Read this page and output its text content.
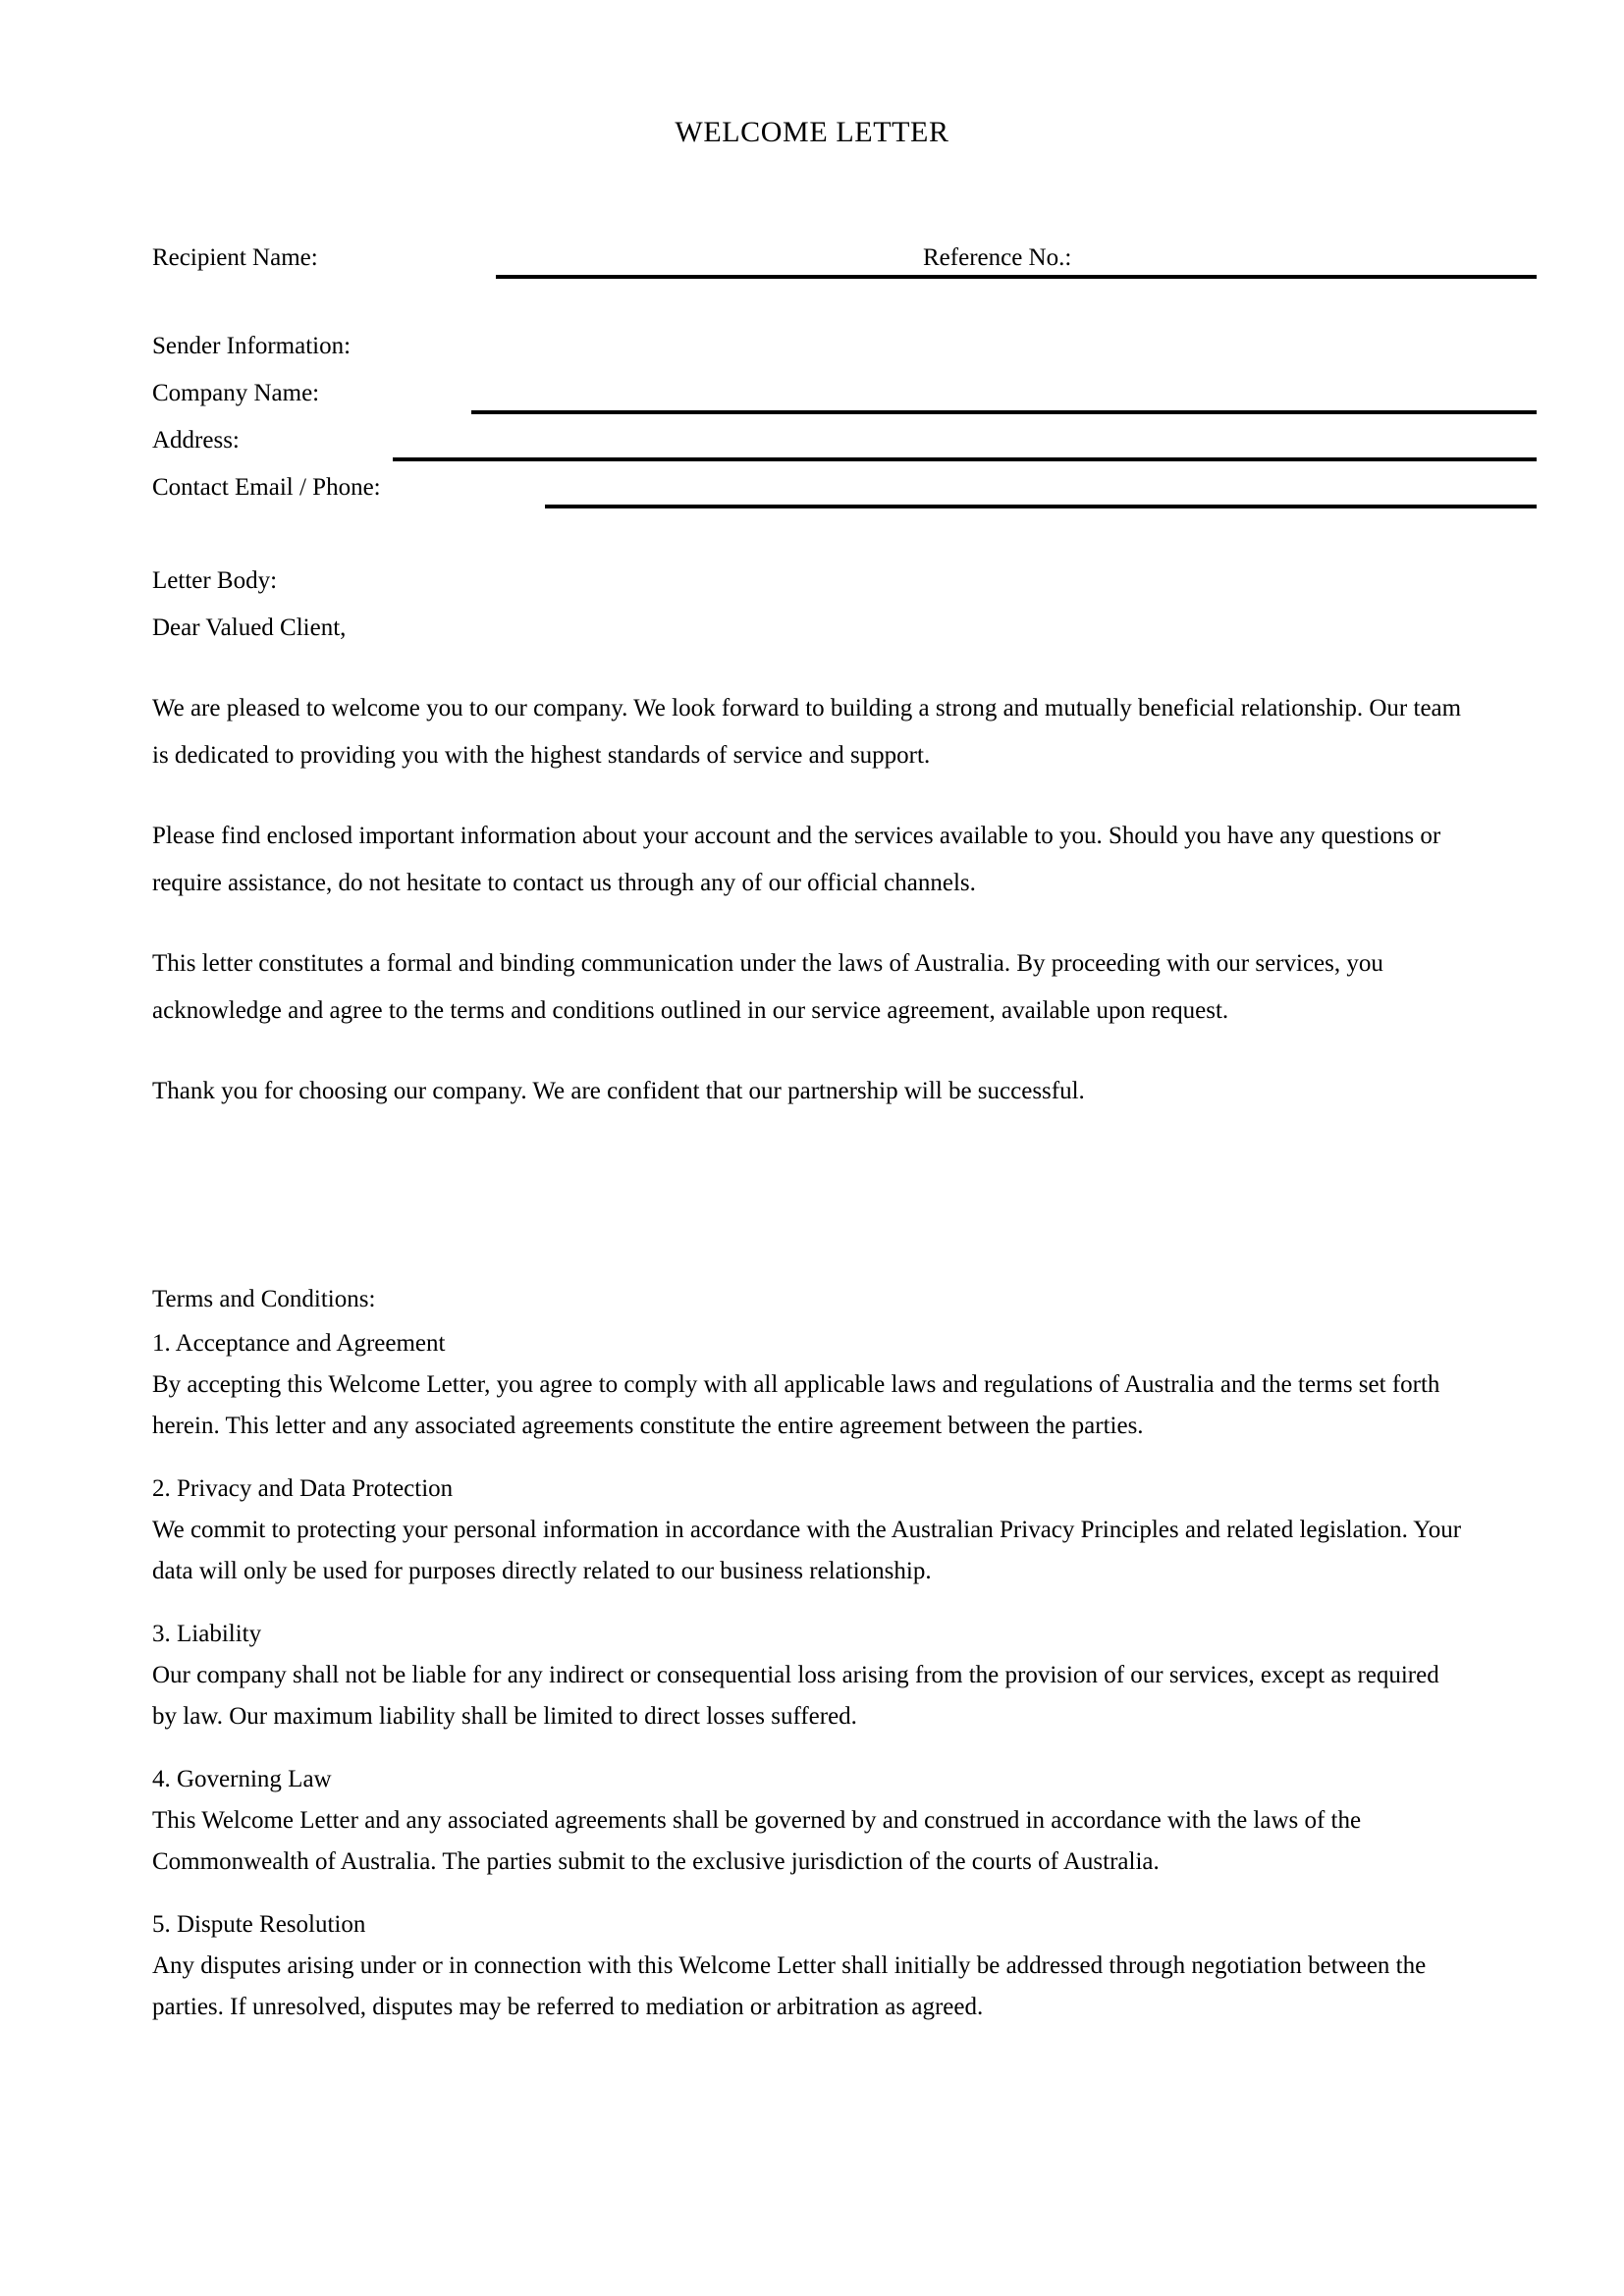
WELCOME LETTER
Recipient Name:	Reference No.:
Sender Information:
Company Name:
Address:
Contact Email / Phone:
Letter Body:
Dear Valued Client,

We are pleased to welcome you to our company. We look forward to building a strong and mutually beneficial relationship. Our team is dedicated to providing you with the highest standards of service and support.

Please find enclosed important information about your account and the services available to you. Should you have any questions or require assistance, do not hesitate to contact us through any of our official channels.

This letter constitutes a formal and binding communication under the laws of Australia. By proceeding with our services, you acknowledge and agree to the terms and conditions outlined in our service agreement, available upon request.

Thank you for choosing our company. We are confident that our partnership will be successful.

Terms and Conditions:
1. Acceptance and Agreement
By accepting this Welcome Letter, you agree to comply with all applicable laws and regulations of Australia and the terms set forth herein. This letter and any associated agreements constitute the entire agreement between the parties.
2. Privacy and Data Protection
We commit to protecting your personal information in accordance with the Australian Privacy Principles and related legislation. Your data will only be used for purposes directly related to our business relationship.
3. Liability
Our company shall not be liable for any indirect or consequential loss arising from the provision of our services, except as required by law. Our maximum liability shall be limited to direct losses suffered.
4. Governing Law
This Welcome Letter and any associated agreements shall be governed by and construed in accordance with the laws of the Commonwealth of Australia. The parties submit to the exclusive jurisdiction of the courts of Australia.
5. Dispute Resolution
Any disputes arising under or in connection with this Welcome Letter shall initially be addressed through negotiation between the parties. If unresolved, disputes may be referred to mediation or arbitration as agreed.
